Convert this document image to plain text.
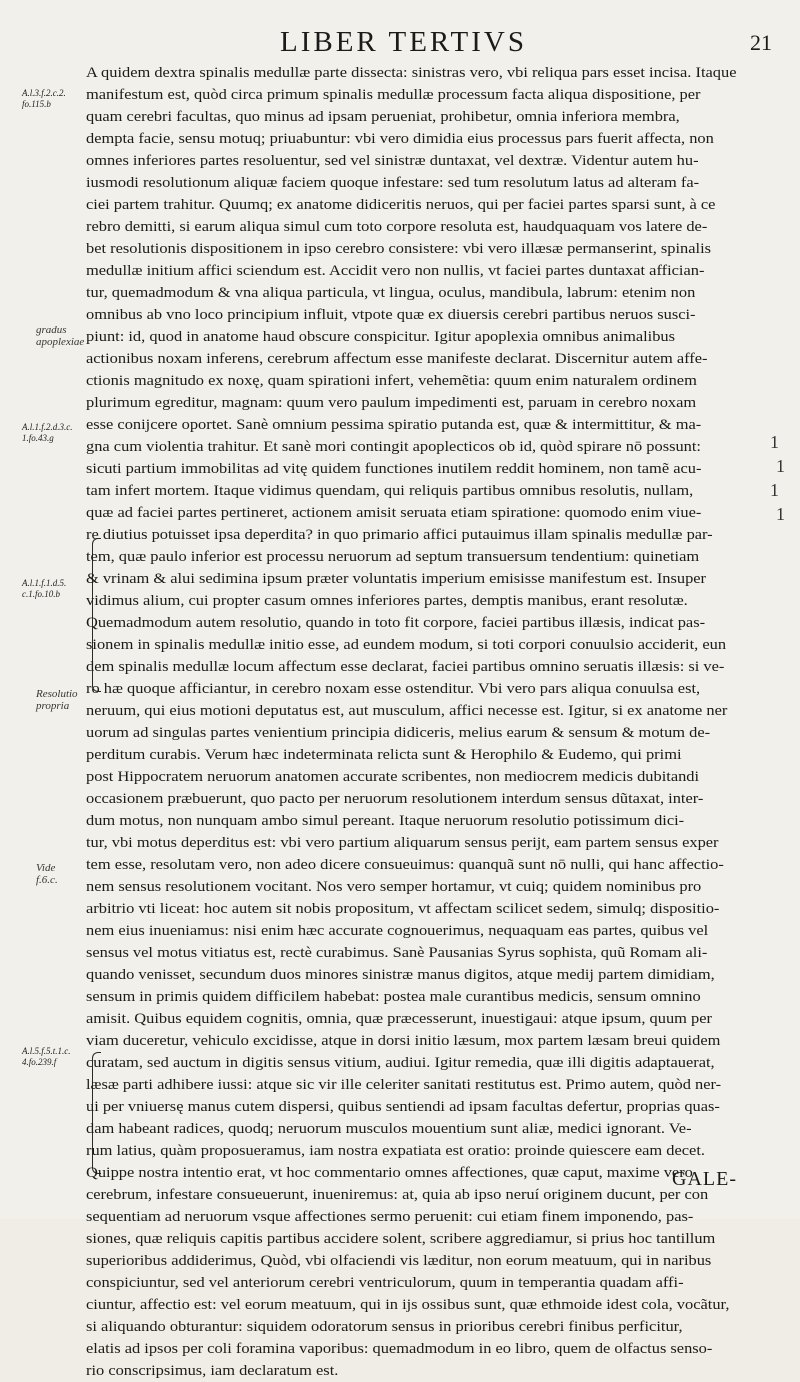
LIBER TERTIVS	21
A.l.3.f.2.c.2.
fo.115.b
A.l.1.f.2.d.3.c.
1.fo.43.g
A.l.1.f.1.d.5.
c.1.fo.10.b
A.l.5.f.5.t.1.c.
4.fo.239.f
gradus
apoplexiae
Resolutio
propria
Vide
f.6.c.
A quidem dextra spinalis medullæ parte dissecta: sinistras vero, vbi reliqua pars esset incisa. Itaque
manifestum est, quòd circa primum spinalis medullæ processum facta aliqua dispositione, per
quam cerebri facultas, quo minus ad ipsam perueniat, prohibetur, omnia inferiora membra,
dempta facie, sensu motuq; priuabuntur: vbi vero dimidia eius processus pars fuerit affecta, non
omnes inferiores partes resoluentur, sed vel sinistræ duntaxat, vel dextræ. Videntur autem hu-
iusmodi resolutionum aliquæ faciem quoque infestare: sed tum resolutum latus ad alteram fa-
ciei partem trahitur. Quumq; ex anatome didiceritis neruos, qui per faciei partes sparsi sunt, à ce
rebro demitti, si earum aliqua simul cum toto corpore resoluta est, haudquaquam vos latere de-
bet resolutionis dispositionem in ipso cerebro consistere: vbi vero illæsæ permanserint, spinalis
medullæ initium affici sciendum est. Accidit vero non nullis, vt faciei partes duntaxat affician-
tur, quemadmodum & vna aliqua particula, vt lingua, oculus, mandibula, labrum: etenim non
omnibus ab vno loco principium influit, vtpote quæ ex diuersis cerebri partibus neruos susci-
piunt: id, quod in anatome haud obscure conspicitur. Igitur apoplexia omnibus animalibus
actionibus noxam inferens, cerebrum affectum esse manifeste declarat. Discernitur autem affe-
ctionis magnitudo ex noxę, quam spirationi infert, vehemẽtia: quum enim naturalem ordinem
plurimum egreditur, magnam: quum vero paulum impedimenti est, paruam in cerebro noxam
esse conijcere oportet. Sanè omnium pessima spiratio putanda est, quæ & intermittitur, & ma-
gna cum violentia trahitur. Et sanè mori contingit apoplecticos ob id, quòd spirare nō possunt:
sicuti partium immobilitas ad vitę quidem functiones inutilem reddit hominem, non tamẽ acu-
tam infert mortem. Itaque vidimus quendam, qui reliquis partibus omnibus resolutis, nullam,
quæ ad faciei partes pertineret, actionem amisit seruata etiam spiratione: quomodo enim viue-
re diutius potuisset ipsa deperdita? in quo primario affici putauimus illam spinalis medullæ par-
tem, quæ paulo inferior est processu neruorum ad septum transuersum tendentium: quinetiam
& vrinam & alui sedimina ipsum præter voluntatis imperium emisisse manifestum est. Insuper
vidimus alium, cui propter casum omnes inferiores partes, demptis manibus, erant resolutæ.
Quemadmodum autem resolutio, quando in toto fit corpore, faciei partibus illæsis, indicat pas-
sionem in spinalis medullæ initio esse, ad eundem modum, si toti corpori conuulsio acciderit, eun
dem spinalis medullæ locum affectum esse declarat, faciei partibus omnino seruatis illæsis: si ve-
ro hæ quoque afficiantur, in cerebro noxam esse ostenditur. Vbi vero pars aliqua conuulsa est,
neruum, qui eius motioni deputatus est, aut musculum, affici necesse est. Igitur, si ex anatome ner
uorum ad singulas partes venientium principia didiceris, melius earum & sensum & motum de-
perditum curabis. Verum hæc indeterminata relicta sunt & Herophilo & Eudemo, qui primi
post Hippocratem neruorum anatomen accurate scribentes, non mediocrem medicis dubitandi
occasionem præbuerunt, quo pacto per neruorum resolutionem interdum sensus dũtaxat, inter-
dum motus, non nunquam ambo simul pereant. Itaque neruorum resolutio potissimum dici-
tur, vbi motus deperditus est: vbi vero partium aliquarum sensus perijt, eam partem sensus exper
tem esse, resolutam vero, non adeo dicere consueuimus: quanquã sunt nō nulli, qui hanc affectio-
nem sensus resolutionem vocitant. Nos vero semper hortamur, vt cuiq; quidem nominibus pro
arbitrio vti liceat: hoc autem sit nobis propositum, vt affectam scilicet sedem, simulq; dispositio-
nem eius inueniamus: nisi enim hæc accurate cognouerimus, nequaquam eas partes, quibus vel
sensus vel motus vitiatus est, rectè curabimus. Sanè Pausanias Syrus sophista, quũ Romam ali-
quando venisset, secundum duos minores sinistræ manus digitos, atque medij partem dimidiam,
sensum in primis quidem difficilem habebat: postea male curantibus medicis, sensum omnino
amisit. Quibus equidem cognitis, omnia, quæ præcesserunt, inuestigaui: atque ipsum, quum per
viam duceretur, vehiculo excidisse, atque in dorsi initio læsum, mox partem læsam breui quidem
curatam, sed auctum in digitis sensus vitium, audiui. Igitur remedia, quæ illi digitis adaptauerat,
læsæ parti adhibere iussi: atque sic vir ille celeriter sanitati restitutus est. Primo autem, quòd ner-
ui per vniuersę manus cutem dispersi, quibus sentiendi ad ipsam facultas defertur, proprias quas-
dam habeant radices, quodq; neruorum musculos mouentium sunt aliæ, medici ignorant. Ve-
rum latius, quàm proposueramus, iam nostra expatiata est oratio: proinde quiescere eam decet.
Quippe nostra intentio erat, vt hoc commentario omnes affectiones, quæ caput, maxime vero
cerebrum, infestare consueuerunt, inueniremus: at, quia ab ipso neruí originem ducunt, per con
sequentiam ad neruorum vsque affectiones sermo peruenit: cui etiam finem imponendo, pas-
siones, quæ reliquis capitis partibus accidere solent, scribere aggrediamur, si prius hoc tantillum
superioribus addiderimus, Quòd, vbi olfaciendi vis læditur, non eorum meatuum, qui in naribus
conspiciuntur, sed vel anteriorum cerebri ventriculorum, quum in temperantia quadam affi-
ciuntur, affectio est: vel eorum meatuum, qui in ijs ossibus sunt, quæ ethmoide idest cola, vocãtur,
si aliquando obturantur: siquidem odoratorum sensus in prioribus cerebri finibus perficitur,
elatis ad ipsos per coli foramina vaporibus: quemadmodum in eo libro, quem de olfactus senso-
rio conscripsimus, iam declaratum est.
1
1
1
1

GALE-
